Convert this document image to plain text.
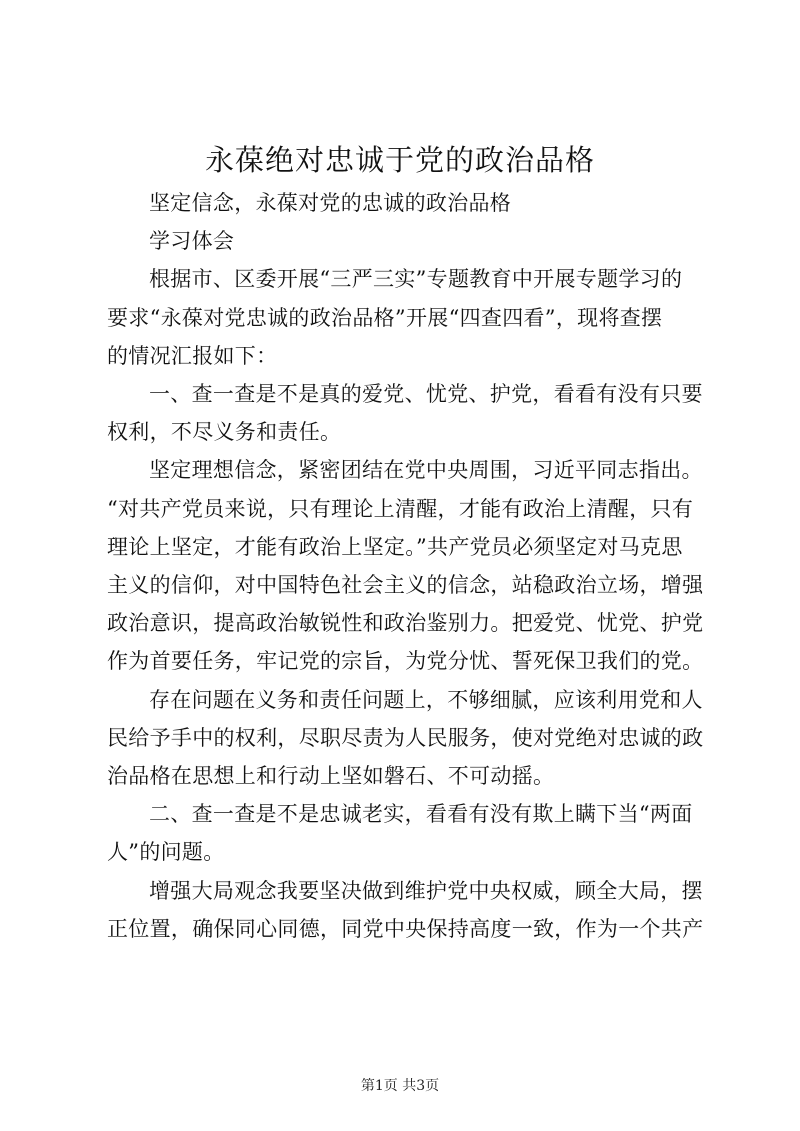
永葆绝对忠诚于党的政治品格

坚定信念，永葆对党的忠诚的政治品格

学习体会

根据市、区委开展“三严三实”专题教育中开展专题学习的
要求“永葆对党忠诚的政治品格”开展“四查四看”，现将查摆
的情况汇报如下：

一、查一查是不是真的爱党、忧党、护党，看看有没有只要
权利，不尽义务和责任。

坚定理想信念，紧密团结在党中央周围，习近平同志指出。
“对共产党员来说，只有理论上清醒，才能有政治上清醒，只有
理论上坚定，才能有政治上坚定。”共产党员必须坚定对马克思
主义的信仰，对中国特色社会主义的信念，站稳政治立场，增强
政治意识，提高政治敏锐性和政治鉴别力。把爱党、忧党、护党
作为首要任务，牢记党的宗旨，为党分忧、誓死保卫我们的党。

存在问题在义务和责任问题上，不够细腻，应该利用党和人
民给予手中的权利，尽职尽责为人民服务，使对党绝对忠诚的政
治品格在思想上和行动上坚如磐石、不可动摇。

二、查一查是不是忠诚老实，看看有没有欺上瞒下当“两面
人”的问题。

增强大局观念我要坚决做到维护党中央权威，顾全大局，摆
正位置，确保同心同德，同党中央保持高度一致，作为一个共产

第1页 共3页
